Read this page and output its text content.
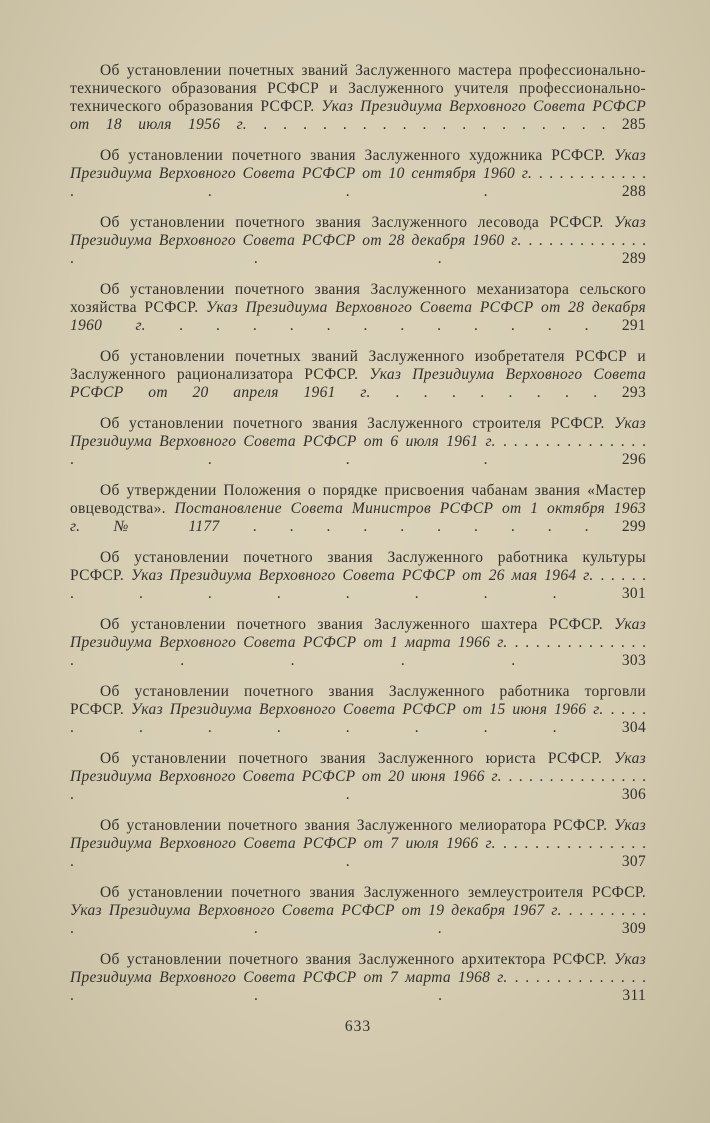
Об установлении почетных званий Заслуженного мастера профессионально-технического образования РСФСР и Заслуженного учителя профессионально-технического образования РСФСР. Указ Президиума Верховного Совета РСФСР от 18 июля 1956 г. . . . . . . . . . . . . . . . . . . 285

Об установлении почетного звания Заслуженного художника РСФСР. Указ Президиума Верховного Совета РСФСР от 10 сентября 1960 г. . . . . . . . . . . . . . . .	288

Об установлении почетного звания Заслуженного лесовода РСФСР. Указ Президиума Верховного Совета РСФСР от 28 декабря 1960 г. . . . . . . . . . . . . . . .	289

Об установлении почетного звания Заслуженного механизатора сельского хозяйства РСФСР. Указ Президиума Верховного Совета РСФСР от 28 декабря 1960 г. . . . . . . . . . . . . 291

Об установлении почетных званий Заслуженного изобретателя РСФСР и Заслуженного рационализатора РСФСР. Указ Президиума Верховного Совета РСФСР от 20 апреля 1961 г. . . . . . . . . 293

Об установлении почетного звания Заслуженного строителя РСФСР. Указ Президиума Верховного Совета РСФСР от 6 июля 1961 г. . . . . . . . . . . . . . . . . . .	296

Об утверждении Положения о порядке присвоения чабанам звания «Мастер овцеводства». Постановление Совета Министров РСФСР от 1 октября 1963 г. № 1177 . . . . . . . . . . 299

Об установлении почетного звания Заслуженного работника культуры РСФСР. Указ Президиума Верховного Совета РСФСР от 26 мая 1964 г. . . . . . . . . . . . . .	301

Об установлении почетного звания Заслуженного шахтера РСФСР. Указ Президиума Верховного Совета РСФСР от 1 марта 1966 г. . . . . . . . . . . . . . . . . . .	303

Об установлении почетного звания Заслуженного работника торговли РСФСР. Указ Президиума Верховного Совета РСФСР от 15 июня 1966 г. . . . . . . . . . . . .	304

Об установлении почетного звания Заслуженного юриста РСФСР. Указ Президиума Верховного Совета РСФСР от 20 июня 1966 г. . . . . . . . . . . . . . . . .	306

Об установлении почетного звания Заслуженного мелиоратора РСФСР. Указ Президиума Верховного Совета РСФСР от 7 июля 1966 г. . . . . . . . . . . . . . . . .	307

Об установлении почетного звания Заслуженного землеустроителя РСФСР. Указ Президиума Верховного Совета РСФСР от 19 декабря 1967 г. . . . . . . . . . . .	309

Об установлении почетного звания Заслуженного архитектора РСФСР. Указ Президиума Верховного Совета РСФСР от 7 марта 1968 г. . . . . . . . . . . . . . . . .	311

633
